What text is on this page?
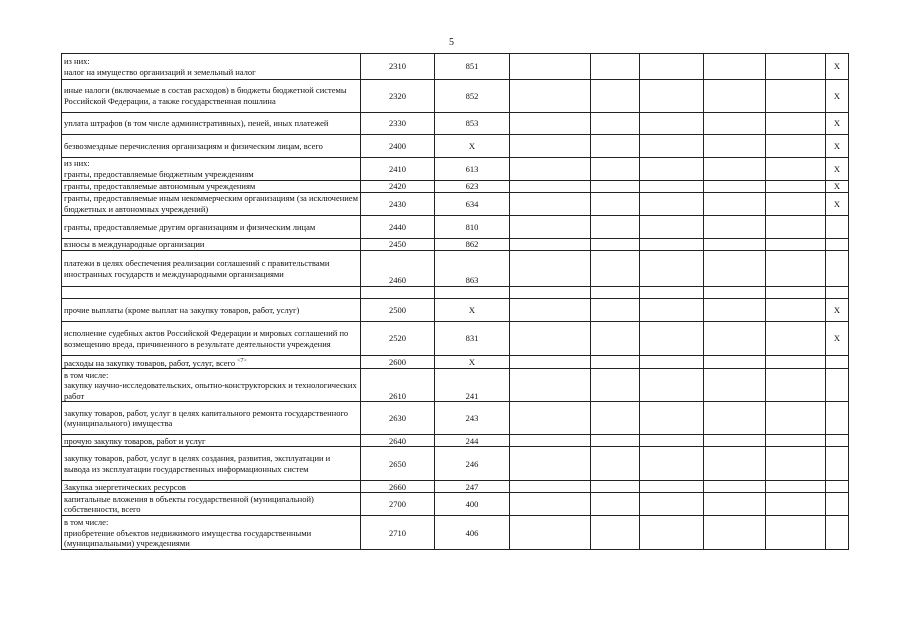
5
из них:
налог на имущество организаций и земельный налог	2310	851						X
иные налоги (включаемые в состав расходов) в бюджеты бюджетной системы Российской Федерации, а также государственная пошлина	2320	852						X
уплата штрафов (в том числе административных), пеней, иных платежей	2330	853						X
безвозмездные перечисления организациям и физическим лицам, всего	2400	X						X
из них:
гранты, предоставляемые бюджетным учреждениям	2410	613						X
гранты, предоставляемые автономным учреждениям	2420	623						X
гранты, предоставляемые иным некоммерческим организациям (за исключением бюджетных и автономных учреждений)	2430	634						X
гранты, предоставляемые другим организациям и физическим лицам	2440	810						
взносы в международные организации	2450	862						
платежи в целях обеспечения реализации соглашений с правительствами иностранных государств и международными организациями	2460	863						

прочие выплаты (кроме выплат на закупку товаров, работ, услуг)	2500	X						X
исполнение судебных актов Российской Федерации и мировых соглашений по возмещению вреда, причиненного в результате деятельности учреждения	2520	831						X
расходы на закупку товаров, работ, услуг, всего $^{<7>}$	2600	X						
в том числе:
закупку научно-исследовательских, опытно-конструкторских и технологических работ	2610	241						
закупку товаров, работ, услуг в целях капитального ремонта государственного (муниципального) имущества	2630	243						
прочую закупку товаров, работ и услуг	2640	244						
закупку товаров, работ, услуг в целях создания, развития, эксплуатации и вывода из эксплуатации государственных информационных систем	2650	246						
Закупка энергетических ресурсов	2660	247						
капитальные вложения в объекты государственной (муниципальной) собственности, всего	2700	400						
в том числе:
приобретение объектов недвижимого имущества государственными (муниципальными) учреждениями	2710	406						
